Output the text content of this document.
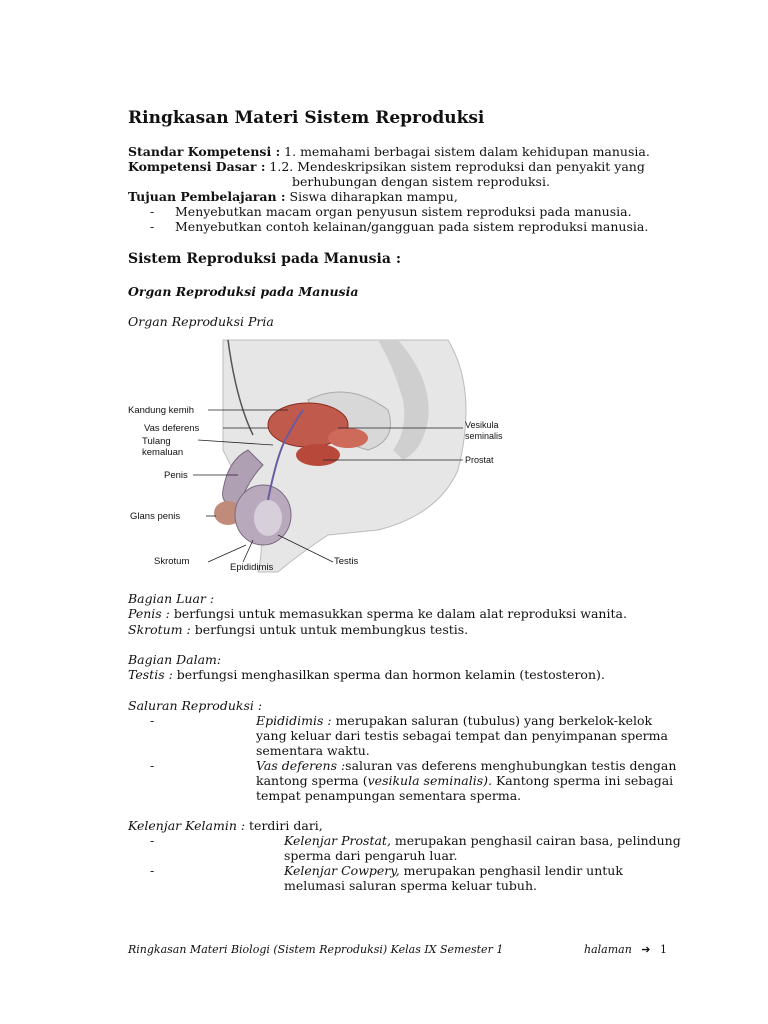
Ringkasan Materi Sistem Reproduksi
Standar Kompetensi : 1. memahami berbagai sistem dalam kehidupan manusia.
Kompetensi Dasar : 1.2. Mendeskripsikan sistem reproduksi dan penyakit yang
berhubungan dengan sistem reproduksi.
Tujuan Pembelajaran : Siswa diharapkan mampu,
- Menyebutkan macam organ penyusun sistem reproduksi pada manusia.
- Menyebutkan contoh kelainan/gangguan pada sistem reproduksi manusia.
Sistem Reproduksi pada Manusia :
Organ Reproduksi pada Manusia
Organ Reproduksi Pria
Kandung kemih
Vas deferens
Tulang
kemaluan
Penis
Glans penis
Skrotum
Epididimis
Testis
Vesikula
seminalis
Prostat
Bagian Luar :
Penis : berfungsi untuk memasukkan sperma ke dalam alat reproduksi wanita.
Skrotum : berfungsi untuk untuk membungkus testis.
Bagian Dalam:
Testis : berfungsi menghasilkan sperma dan hormon kelamin (testosteron).
Saluran Reproduksi :
-	Epididimis : merupakan saluran (tubulus) yang berkelok-kelok
yang keluar dari testis sebagai tempat dan penyimpanan sperma
sementara waktu.
-	Vas deferens :saluran vas deferens menghubungkan testis dengan
kantong sperma (vesikula seminalis). Kantong sperma ini sebagai
tempat penampungan sementara sperma.
Kelenjar Kelamin : terdiri dari,
-	Kelenjar Prostat, merupakan penghasil cairan basa, pelindung
sperma dari pengaruh luar.
-	Kelenjar Cowpery, merupakan penghasil lendir untuk
melumasi saluran sperma keluar tubuh.
Ringkasan Materi Biologi (Sistem Reproduksi) Kelas IX Semester 1	halaman ➔ 1
